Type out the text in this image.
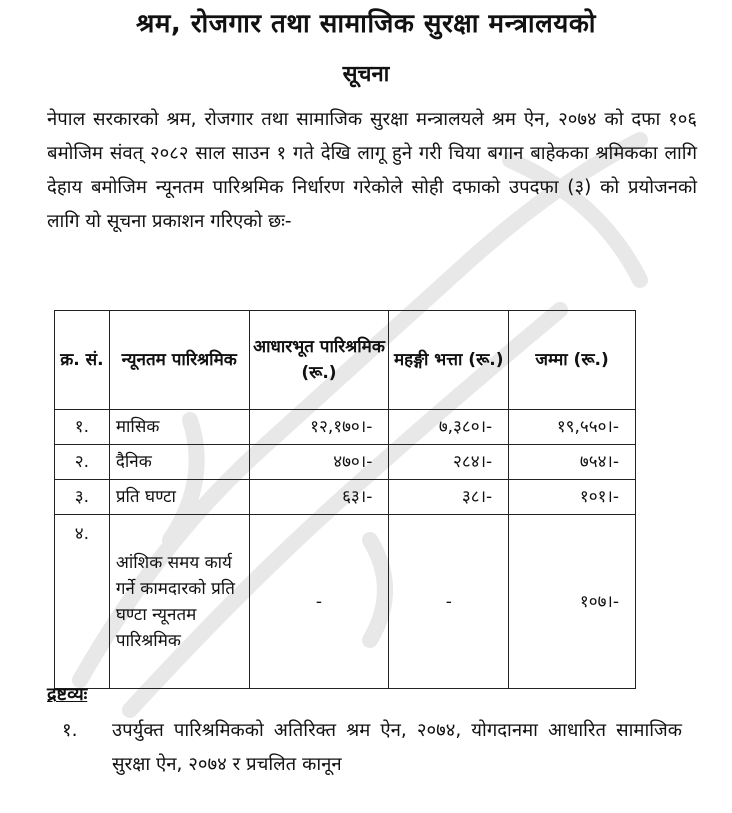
श्रम, रोजगार तथा सामाजिक सुरक्षा मन्त्रालयको
सूचना
नेपाल सरकारको श्रम, रोजगार तथा सामाजिक सुरक्षा मन्त्रालयले श्रम ऐन, २०७४ को दफा १०६ बमोजिम संवत् २०८२ साल साउन १ गते देखि लागू हुने गरी चिया बगान बाहेकका श्रमिकका लागि देहाय बमोजिम न्यूनतम पारिश्रमिक निर्धारण गरेकोले सोही दफाको उपदफा (३) को प्रयोजनको लागि यो सूचना प्रकाशन गरिएको छः-
क्र. सं.	न्यूनतम पारिश्रमिक	आधारभूत पारिश्रमिक (रू.)	महङ्गी भत्ता (रू.)	जम्मा (रू.)
१.	मासिक	१२,१७०।-	७,३८०।-	१९,५५०।-
२.	दैनिक	४७०।-	२८४।-	७५४।-
३.	प्रति घण्टा	६३।-	३८।-	१०१।-
४.	आंशिक समय कार्य गर्ने कामदारको प्रति घण्टा न्यूनतम पारिश्रमिक	-	-	१०७।-
द्रष्टव्यः
१. उपर्युक्त पारिश्रमिकको अतिरिक्त श्रम ऐन, २०७४, योगदानमा आधारित सामाजिक सुरक्षा ऐन, २०७४ र प्रचलित कानून
